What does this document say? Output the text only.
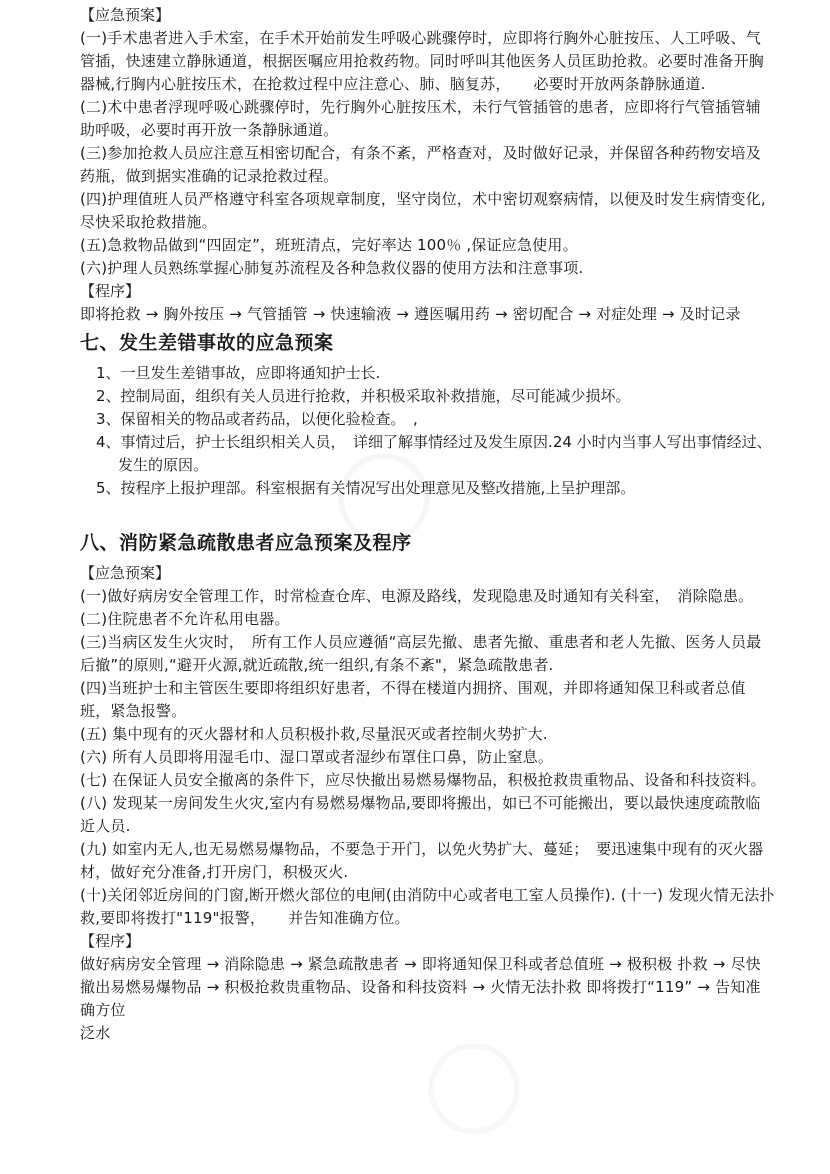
【应急预案】

(一)手术患者进入手术室，在手术开始前发生呼吸心跳骤停时，应即将行胸外心脏按压、人工呼吸、气管插，快速建立静脉通道，根据医嘱应用抢救药物。同时呼叫其他医务人员匡助抢救。必要时准备开胸器械,行胸内心脏按压术，在抢救过程中应注意心、肺、脑复苏，　　必要时开放两条静脉通道.

(二)术中患者浮现呼吸心跳骤停时，先行胸外心脏按压术，未行气管插管的患者，应即将行气管插管辅助呼吸，必要时再开放一条静脉通道。

(三)参加抢救人员应注意互相密切配合，有条不紊，严格查对，及时做好记录，并保留各种药物安培及药瓶，做到据实准确的记录抢救过程。

(四)护理值班人员严格遵守科室各项规章制度，坚守岗位，术中密切观察病情，以便及时发生病情变化,尽快采取抢救措施。

(五)急救物品做到“四固定”，班班清点，完好率达 100％ ,保证应急使用。

(六)护理人员熟练掌握心肺复苏流程及各种急救仪器的使用方法和注意事项.

【程序】

即将抢救 → 胸外按压 → 气管插管 → 快速输液 → 遵医嘱用药 → 密切配合 → 对症处理 → 及时记录

七、发生差错事故的应急预案

1、一旦发生差错事故，应即将通知护士长.

2、控制局面，组织有关人员进行抢救，并积极采取补救措施，尽可能减少损坏。

3、保留相关的物品或者药品，以便化验检查。　,

4、事情过后，护士长组织相关人员，　详细了解事情经过及发生原因.24 小时内当事人写出事情经过、发生的原因。

5、按程序上报护理部。科室根据有关情况写出处理意见及整改措施,上呈护理部。

八、消防紧急疏散患者应急预案及程序

【应急预案】

(一)做好病房安全管理工作，时常检查仓库、电源及路线，发现隐患及时通知有关科室，　消除隐患。

(二)住院患者不允许私用电器。

(三)当病区发生火灾时，　所有工作人员应遵循“高层先撤、患者先撤、重患者和老人先撤、医务人员最后撤”的原则,“避开火源,就近疏散,统一组织,有条不紊"，紧急疏散患者.

(四)当班护士和主管医生要即将组织好患者，不得在楼道内拥挤、围观，并即将通知保卫科或者总值班，紧急报警。

(五) 集中现有的灭火器材和人员积极扑救,尽量泯灭或者控制火势扩大.

(六) 所有人员即将用湿毛巾、湿口罩或者湿纱布罩住口鼻，防止窒息。

(七) 在保证人员安全撤离的条件下，应尽快撤出易燃易爆物品，积极抢救贵重物品、设备和科技资料。

(八) 发现某一房间发生火灾,室内有易燃易爆物品,要即将搬出，如已不可能搬出，要以最快速度疏散临近人员.

(九) 如室内无人,也无易燃易爆物品，不要急于开门，以免火势扩大、蔓延；　要迅速集中现有的灭火器材，做好充分准备,打开房门，积极灭火.

(十)关闭邻近房间的门窗,断开燃火部位的电闸(由消防中心或者电工室人员操作). (十一) 发现火情无法扑救,要即将拨打"119"报警，　　并告知准确方位。

【程序】

做好病房安全管理 → 消除隐患 → 紧急疏散患者 → 即将通知保卫科或者总值班 → 极积极 扑救 → 尽快撤出易燃易爆物品 → 积极抢救贵重物品、设备和科技资料 → 火情无法扑救 即将拨打“119” → 告知准确方位

泛水
